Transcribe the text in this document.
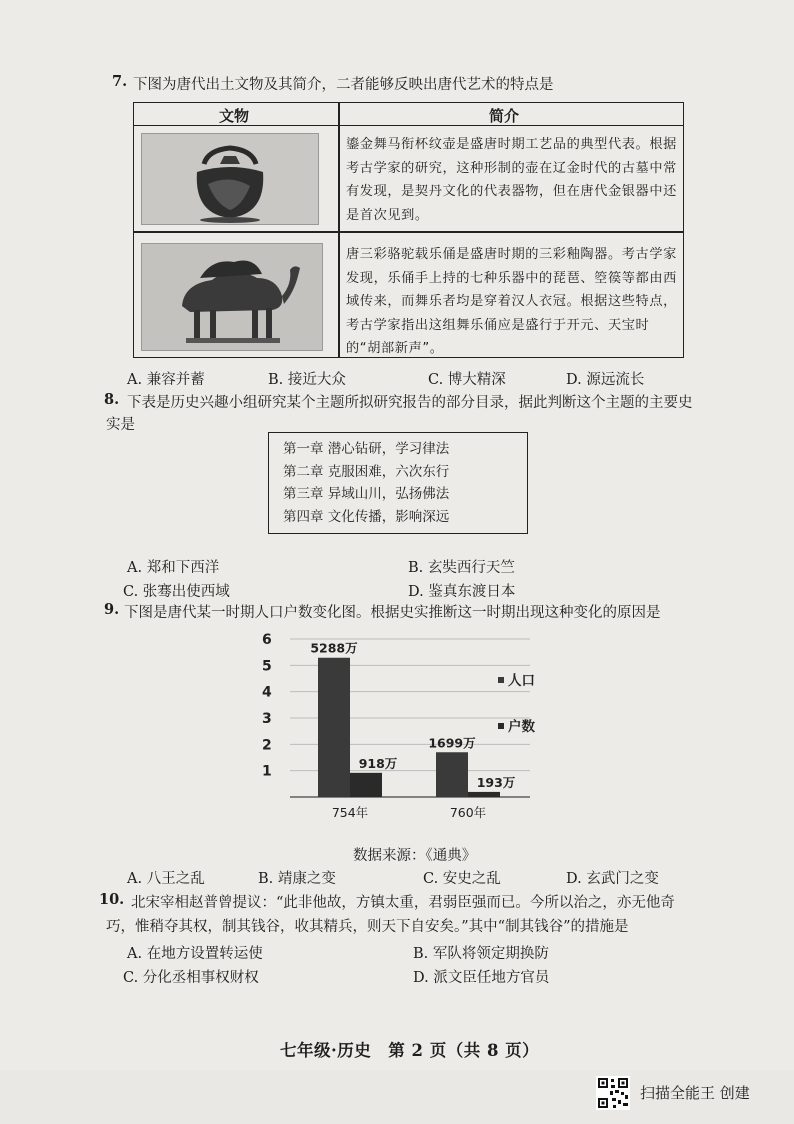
7. 下图为唐代出土文物及其简介，二者能够反映出唐代艺术的特点是
文物	简介
鎏金舞马衔杯纹壶是盛唐时期工艺品的典型代表。根据考古学家的研究，这种形制的壶在辽金时代的古墓中常有发现，是契丹文化的代表器物，但在唐代金银器中还是首次见到。
唐三彩骆驼载乐俑是盛唐时期的三彩釉陶器。考古学家发现，乐俑手上持的七种乐器中的琵琶、箜篌等都由西域传来，而舞乐者均是穿着汉人衣冠。根据这些特点，考古学家指出这组舞乐俑应是盛行于开元、天宝时的“胡部新声”。
A. 兼容并蓄	B. 接近大众	C. 博大精深	D. 源远流长
8. 下表是历史兴趣小组研究某个主题所拟研究报告的部分目录，据此判断这个主题的主要史
实是
第一章 潜心钻研，学习律法
第二章 克服困难，六次东行
第三章 异域山川，弘扬佛法
第四章 文化传播，影响深远
A. 郑和下西洋	B. 玄奘西行天竺
C. 张骞出使西域	D. 鉴真东渡日本
9. 下图是唐代某一时期人口户数变化图。根据史实推断这一时期出现这种变化的原因是
1
2
3
4
5
6
5288万
918万
754年
1699万
193万
760年
人口
户数
数据来源：《通典》
A. 八王之乱	B. 靖康之变	C. 安史之乱	D. 玄武门之变
10. 北宋宰相赵普曾提议：“此非他故，方镇太重，君弱臣强而已。今所以治之，亦无他奇
巧，惟稍夺其权，制其钱谷，收其精兵，则天下自安矣。”其中“制其钱谷”的措施是
A. 在地方设置转运使	B. 军队将领定期换防
C. 分化丞相事权财权	D. 派文臣任地方官员
七年级·历史　第 2 页（共 8 页）
扫描全能王 创建
